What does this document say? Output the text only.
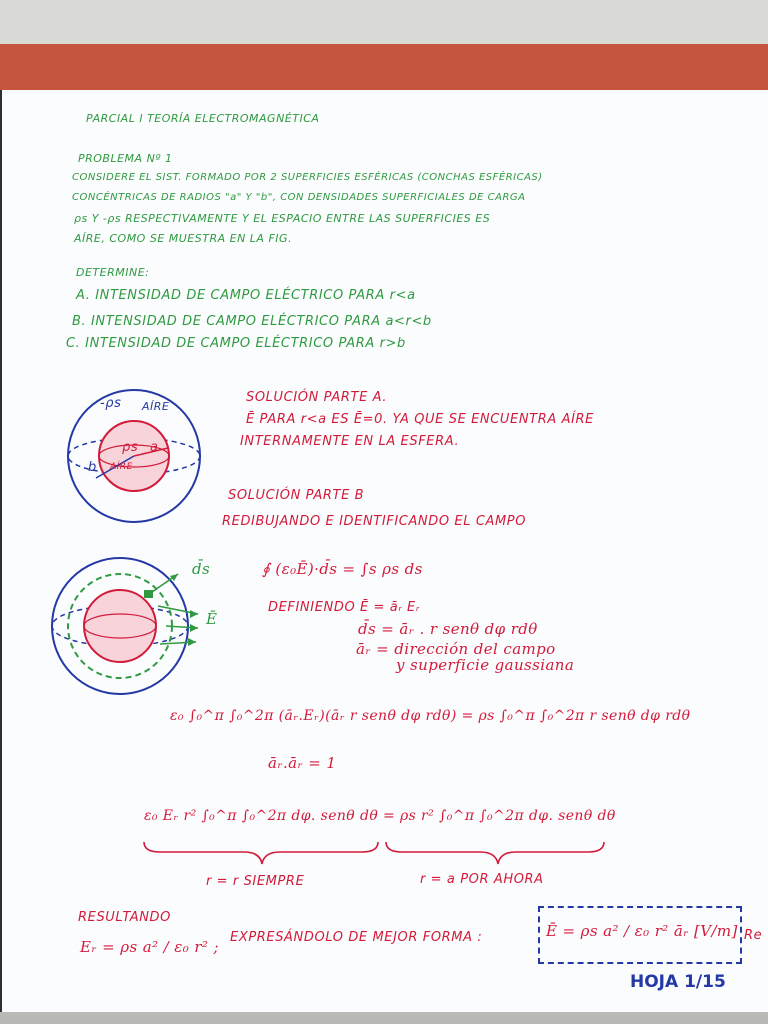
PARCIAL I TEORÍA ELECTROMAGNÉTICA
PROBLEMA Nº 1
CONSIDERE EL SIST. FORMADO POR 2 SUPERFICIES ESFÉRICAS (CONCHAS ESFÉRICAS)
CONCÉNTRICAS DE RADIOS "a" Y "b", CON DENSIDADES SUPERFICIALES DE CARGA
ρs Y -ρs RESPECTIVAMENTE Y EL ESPACIO ENTRE LAS SUPERFICIES ES
AÍRE, COMO SE MUESTRA EN LA FIG.
DETERMINE:
A. INTENSIDAD DE CAMPO ELÉCTRICO PARA r<a
B. INTENSIDAD DE CAMPO ELÉCTRICO PARA a<r<b
C. INTENSIDAD DE CAMPO ELÉCTRICO PARA r>b
-ρs AÍRE
ρs a
b AÍRE
SOLUCIÓN PARTE A.
Ē PARA r<a ES Ē=0. YA QUE SE ENCUENTRA AÍRE
INTERNAMENTE EN LA ESFERA.
SOLUCIÓN PARTE B
REDIBUJANDO E IDENTIFICANDO EL CAMPO
∮ (ε₀Ē)·d̄s = ∫s ρs ds
DEFINIENDO Ē = āᵣ Eᵣ
d̄s = āᵣ . r senθ dφ rdθ
āᵣ = dirección del campo
y superficie gaussiana
d̄s
Ē
ε₀ ∫₀^π ∫₀^2π (āᵣ.Eᵣ)(āᵣ r senθ dφ rdθ) = ρs ∫₀^π ∫₀^2π r senθ dφ rdθ
āᵣ.āᵣ = 1
ε₀ Eᵣ r² ∫₀^π ∫₀^2π dφ. senθ dθ = ρs r² ∫₀^π ∫₀^2π dφ. senθ dθ
r = r SIEMPRE	r = a POR AHORA
RESULTANDO
Eᵣ = ρs a² / ε₀ r² ;
EXPRESÁNDOLO DE MEJOR FORMA :	Ē = ρs a² / ε₀ r² āᵣ [V/m] Re
HOJA 1/15
